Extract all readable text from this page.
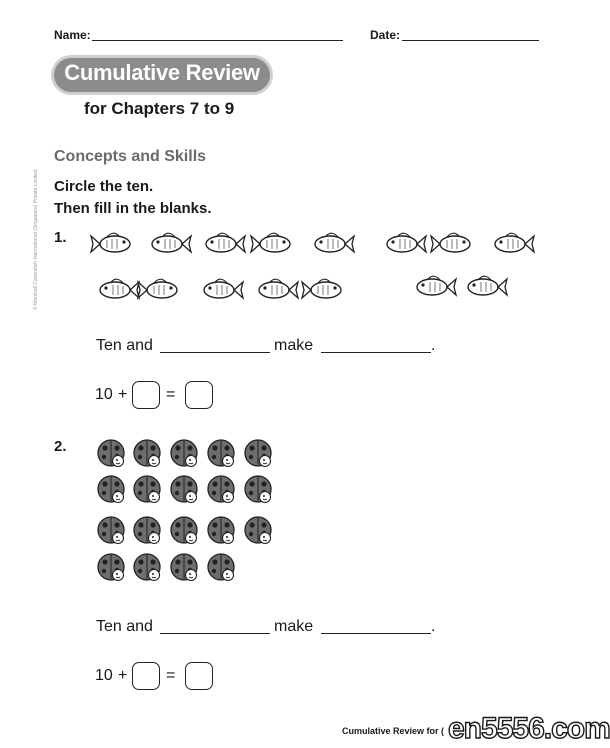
Name:	Date:
Cumulative Review
for Chapters 7 to 9
Concepts and Skills
Circle the ten.
Then fill in the blanks.
© Marshall Cavendish International (Singapore) Private Limited. 1.
Ten and	make	.
10 + =
2.
Ten and	make	.
10 + =
Cumulative Review for ( en5556.com
